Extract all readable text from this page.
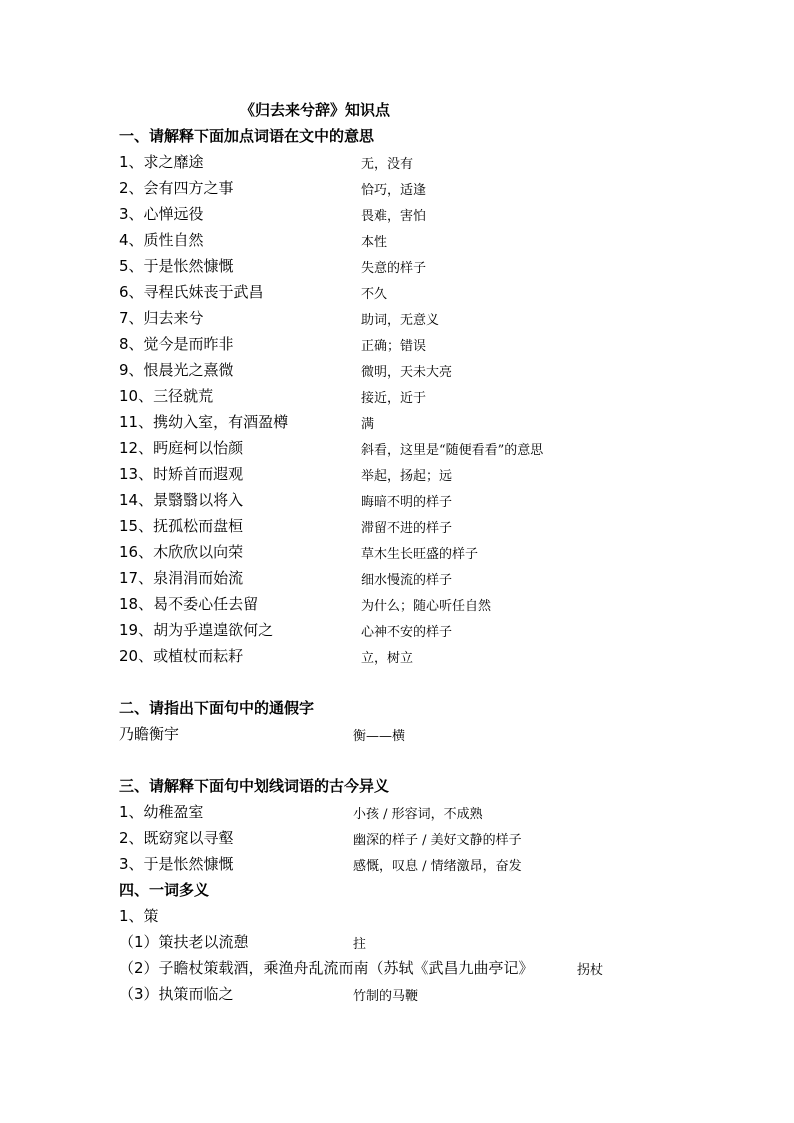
《归去来兮辞》知识点
一、请解释下面加点词语在文中的意思
1、求之靡途	无，没有
2、会有四方之事	恰巧，适逢
3、心惮远役	畏难，害怕
4、质性自然	本性
5、于是怅然慷慨	失意的样子
6、寻程氏妹丧于武昌	不久
7、归去来兮	助词，无意义
8、觉今是而昨非	正确；错误
9、恨晨光之熹微	微明，天未大亮
10、三径就荒	接近，近于
11、携幼入室，有酒盈樽	满
12、眄庭柯以怡颜	斜看，这里是“随便看看”的意思
13、时矫首而遐观	举起，扬起；远
14、景翳翳以将入	晦暗不明的样子
15、抚孤松而盘桓	滞留不进的样子
16、木欣欣以向荣	草木生长旺盛的样子
17、泉涓涓而始流	细水慢流的样子
18、曷不委心任去留	为什么；随心听任自然
19、胡为乎遑遑欲何之	心神不安的样子
20、或植杖而耘耔	立，树立
二、请指出下面句中的通假字
乃瞻衡宇	衡——横
三、请解释下面句中划线词语的古今异义
1、幼稚盈室	小孩 / 形容词，不成熟
2、既窈窕以寻壑	幽深的样子 / 美好文静的样子
3、于是怅然慷慨	感慨，叹息 / 情绪激昂，奋发
四、一词多义
1、策
（1）策扶老以流憩	拄
（2）子瞻杖策载酒，乘渔舟乱流而南（苏轼《武昌九曲亭记》	拐杖
（3）执策而临之	竹制的马鞭
